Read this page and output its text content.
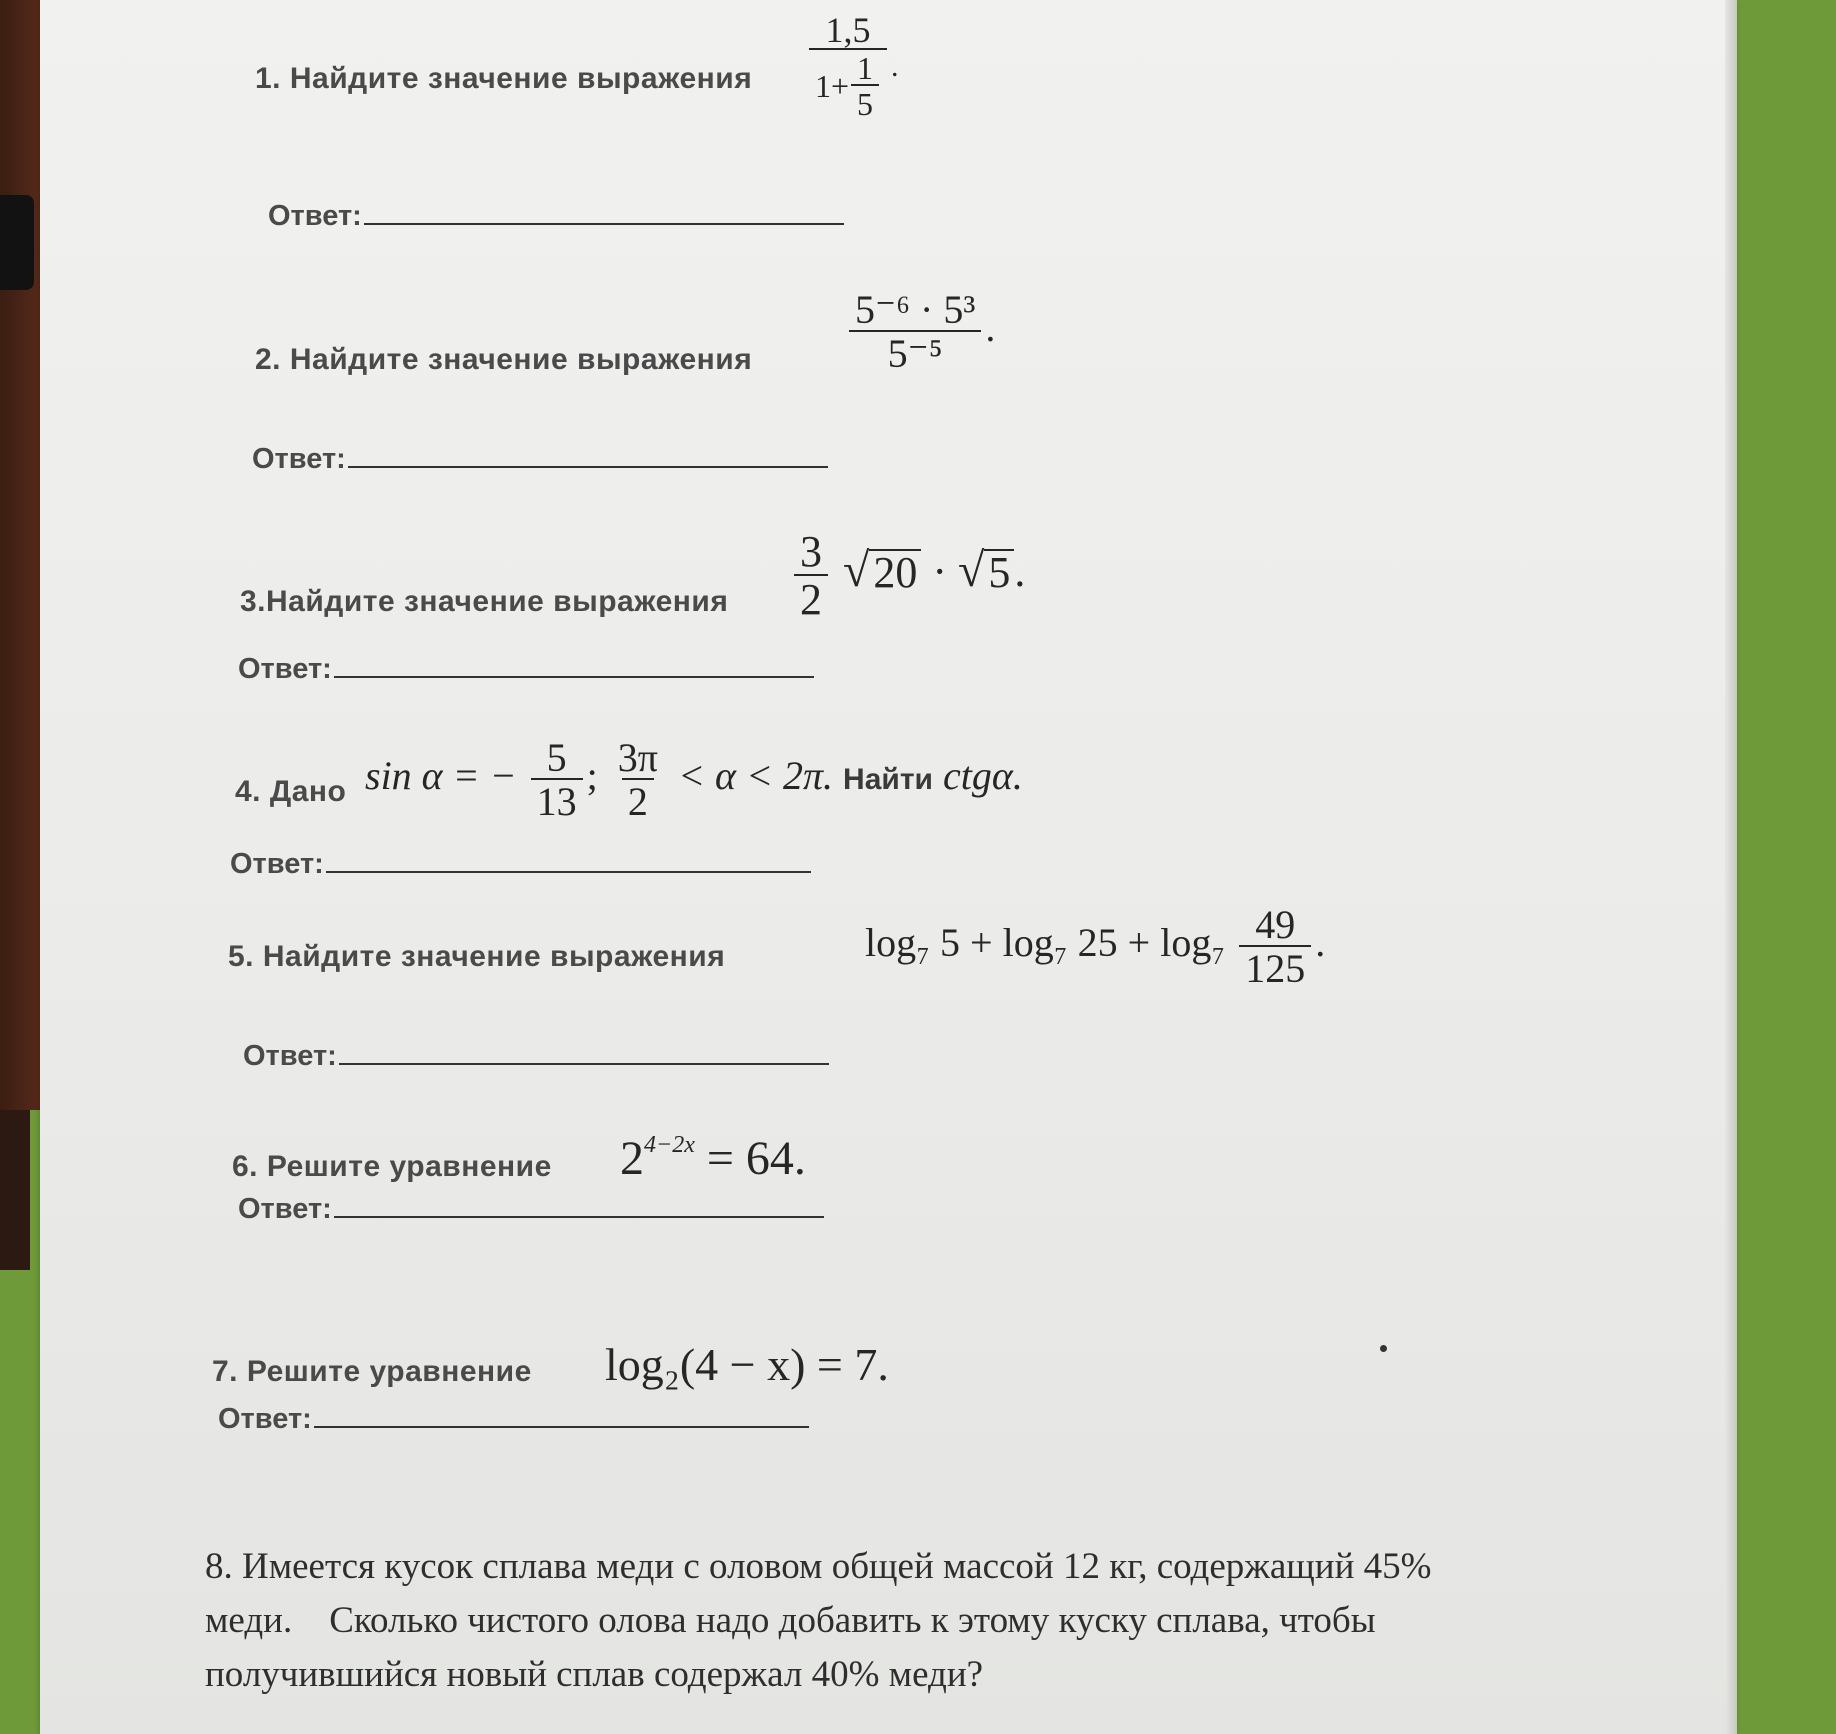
1. Найдите значение выражения $\frac{1,5}{1+ \frac{1}{5}}$ .
Ответ:
2. Найдите значение выражения $\frac{\text{5⁻⁶ · 5³}}{\text{5⁻⁵}}$ .
Ответ:
3.Найдите значение выражения $\frac{3}{2}$
√ 20 · √ 5 .
Ответ:
4. Дано sin α = − $\frac{5}{13}$ ; $\frac{3\pi}{2} < \alpha < 2\pi$. Найти ctgα.
Ответ:
5. Найдите значение выражения	log₇ 5 + log₇ $25 + \log_7 \frac{49}{125}$ .
Ответ:
6. Решите уравнение $2^{4-2x} = 64$.
Ответ:
7. Решите уравнение log₂(4 − x) = 7.
Ответ:
8. Имеется кусок сплава меди с оловом общей массой 12 кг, содержащий 45%
меди.    Сколько чистого олова надо добавить к этому куску сплава, чтобы
получившийся новый сплав содержал 40% меди?
